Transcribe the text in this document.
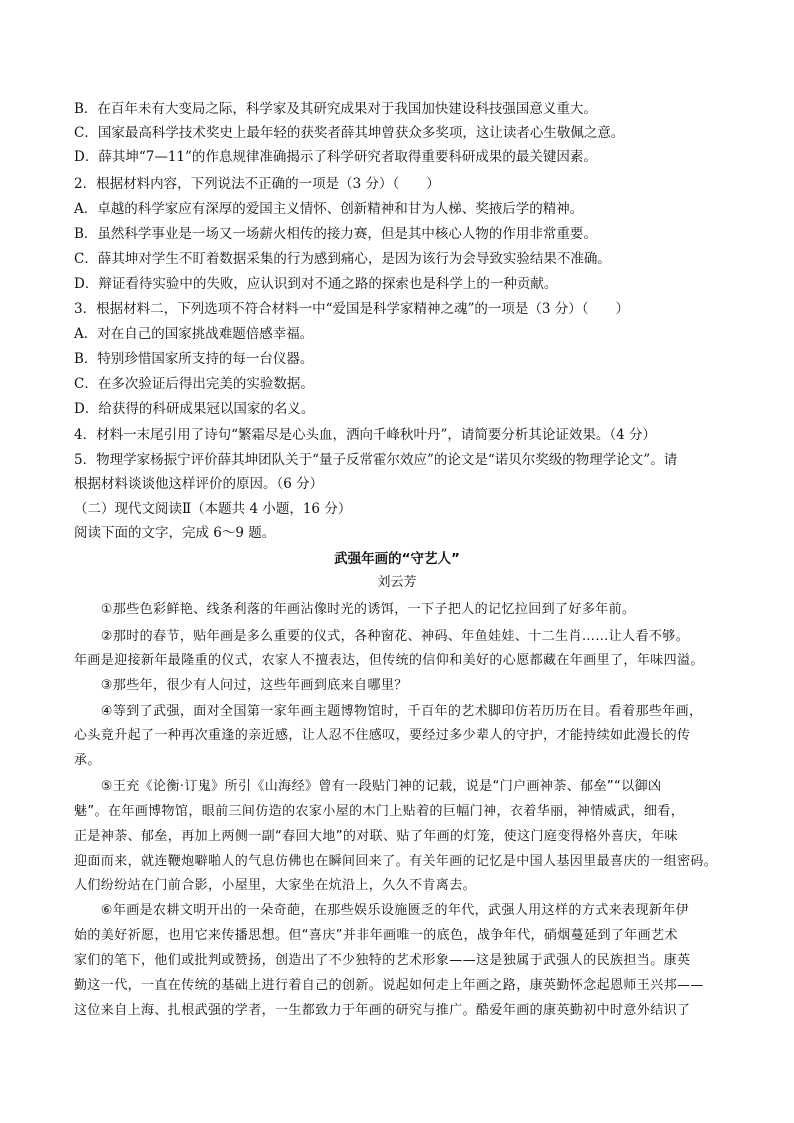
B．在百年未有大变局之际，科学家及其研究成果对于我国加快建设科技强国意义重大。
C．国家最高科学技术奖史上最年轻的获奖者薛其坤曾获众多奖项，这让读者心生敬佩之意。
D．薛其坤“7—11”的作息规律准确揭示了科学研究者取得重要科研成果的最关键因素。
2．根据材料内容，下列说法不正确的一项是（3 分）（　　）
A．卓越的科学家应有深厚的爱国主义情怀、创新精神和甘为人梯、奖掖后学的精神。
B．虽然科学事业是一场又一场薪火相传的接力赛，但是其中核心人物的作用非常重要。
C．薛其坤对学生不盯着数据采集的行为感到痛心，是因为该行为会导致实验结果不准确。
D．辩证看待实验中的失败，应认识到对不通之路的探索也是科学上的一种贡献。
3．根据材料二，下列选项不符合材料一中“爱国是科学家精神之魂”的一项是（3 分）（　　）
A．对在自己的国家挑战难题倍感幸福。
B．特别珍惜国家所支持的每一台仪器。
C．在多次验证后得出完美的实验数据。
D．给获得的科研成果冠以国家的名义。
4．材料一末尾引用了诗句“繁霜尽是心头血，洒向千峰秋叶丹”，请简要分析其论证效果。（4 分）
5．物理学家杨振宁评价薛其坤团队关于“量子反常霍尔效应”的论文是“诺贝尔奖级的物理学论文”。请
根据材料谈谈他这样评价的原因。（6 分）
（二）现代文阅读Ⅱ（本题共 4 小题，16 分）
阅读下面的文字，完成 6～9 题。
武强年画的“守艺人”
刘云芳
　　①那些色彩鲜艳、线条利落的年画沾像时光的诱饵，一下子把人的记忆拉回到了好多年前。
　　②那时的春节，贴年画是多么重要的仪式，各种窗花、神码、年鱼娃娃、十二生肖……让人看不够。
年画是迎接新年最隆重的仪式，农家人不擅表达，但传统的信仰和美好的心愿都藏在年画里了，年味四溢。
　　③那些年，很少有人问过，这些年画到底来自哪里？
　　④等到了武强，面对全国第一家年画主题博物馆时，千百年的艺术脚印仿若历历在目。看着那些年画，
心头竟升起了一种再次重逢的亲近感，让人忍不住感叹，要经过多少辈人的守护，才能持续如此漫长的传
承。
　　⑤王充《论衡·订鬼》所引《山海经》曾有一段贴门神的记载，说是“门户画神荼、郁垒”“以御凶
魅”。在年画博物馆，眼前三间仿造的农家小屋的木门上贴着的巨幅门神，衣着华丽，神情威武，细看，
正是神荼、郁垒，再加上两侧一副“春回大地”的对联、贴了年画的灯笼，使这门庭变得格外喜庆，年味
迎面而来，就连鞭炮噼啪人的气息仿佛也在瞬间回来了。有关年画的记忆是中国人基因里最喜庆的一组密码。
人们纷纷站在门前合影，小屋里，大家坐在炕沿上，久久不肯离去。
　　⑥年画是农耕文明开出的一朵奇葩，在那些娱乐设施匮乏的年代，武强人用这样的方式来表现新年伊
始的美好祈愿，也用它来传播思想。但“喜庆”并非年画唯一的底色，战争年代，硝烟蔓延到了年画艺术
家们的笔下，他们或批判或赞扬，创造出了不少独特的艺术形象——这是独属于武强人的民族担当。康英
勤这一代，一直在传统的基础上进行着自己的创新。说起如何走上年画之路，康英勤怀念起恩师王兴邦——
这位来自上海、扎根武强的学者，一生都致力于年画的研究与推广。酷爱年画的康英勤初中时意外结识了
